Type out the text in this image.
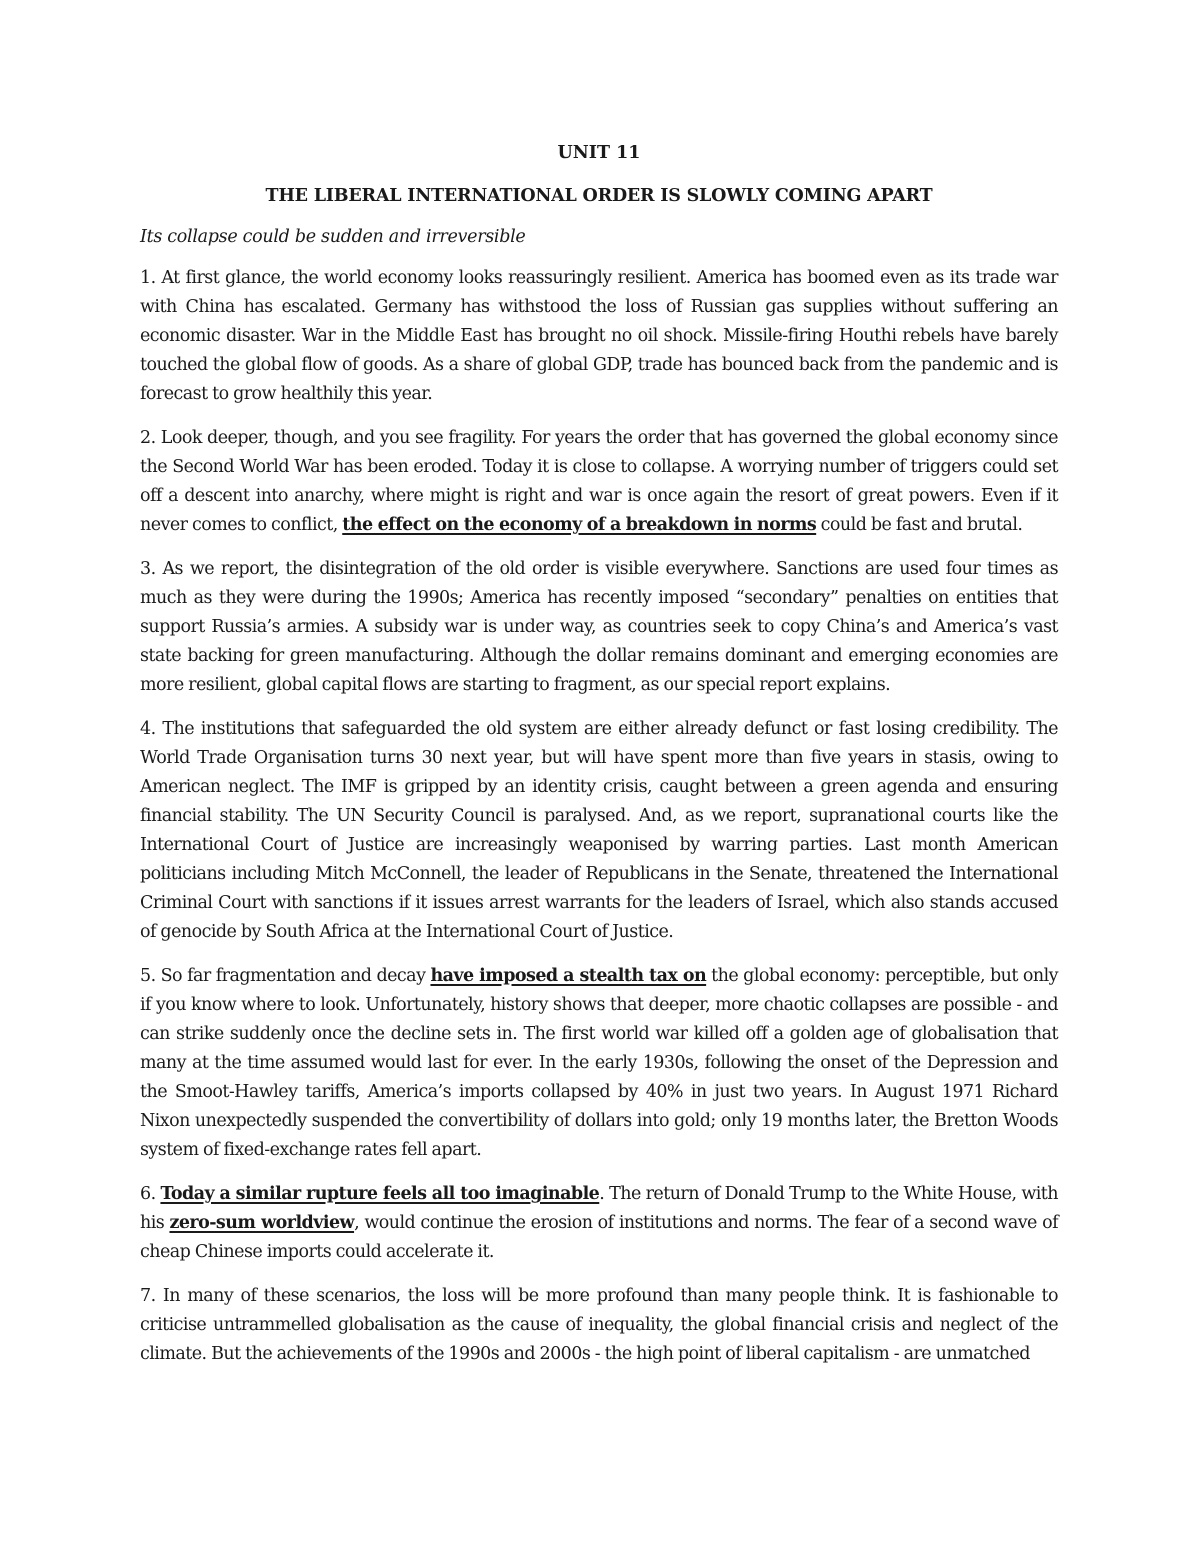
UNIT 11

THE LIBERAL INTERNATIONAL ORDER IS SLOWLY COMING APART

Its collapse could be sudden and irreversible

1. At first glance, the world economy looks reassuringly resilient. America has boomed even as its trade war with China has escalated. Germany has withstood the loss of Russian gas supplies without suffering an economic disaster. War in the Middle East has brought no oil shock. Missile-firing Houthi rebels have barely touched the global flow of goods. As a share of global GDP, trade has bounced back from the pandemic and is forecast to grow healthily this year.

2. Look deeper, though, and you see fragility. For years the order that has governed the global economy since the Second World War has been eroded. Today it is close to collapse. A worrying number of triggers could set off a descent into anarchy, where might is right and war is once again the resort of great powers. Even if it never comes to conflict, the effect on the economy of a breakdown in norms could be fast and brutal.

3. As we report, the disintegration of the old order is visible everywhere. Sanctions are used four times as much as they were during the 1990s; America has recently imposed “secondary” penalties on entities that support Russia’s armies. A subsidy war is under way, as countries seek to copy China’s and America’s vast state backing for green manufacturing. Although the dollar remains dominant and emerging economies are more resilient, global capital flows are starting to fragment, as our special report explains.

4. The institutions that safeguarded the old system are either already defunct or fast losing credibility. The World Trade Organisation turns 30 next year, but will have spent more than five years in stasis, owing to American neglect. The IMF is gripped by an identity crisis, caught between a green agenda and ensuring financial stability. The UN Security Council is paralysed. And, as we report, supranational courts like the International Court of Justice are increasingly weaponised by warring parties. Last month American politicians including Mitch McConnell, the leader of Republicans in the Senate, threatened the International Criminal Court with sanctions if it issues arrest warrants for the leaders of Israel, which also stands accused of genocide by South Africa at the International Court of Justice.

5. So far fragmentation and decay have imposed a stealth tax on the global economy: perceptible, but only if you know where to look. Unfortunately, history shows that deeper, more chaotic collapses are possible - and can strike suddenly once the decline sets in. The first world war killed off a golden age of globalisation that many at the time assumed would last for ever. In the early 1930s, following the onset of the Depression and the Smoot-Hawley tariffs, America’s imports collapsed by 40% in just two years. In August 1971 Richard Nixon unexpectedly suspended the convertibility of dollars into gold; only 19 months later, the Bretton Woods system of fixed-exchange rates fell apart.

6. Today a similar rupture feels all too imaginable. The return of Donald Trump to the White House, with his zero-sum worldview, would continue the erosion of institutions and norms. The fear of a second wave of cheap Chinese imports could accelerate it.

7. In many of these scenarios, the loss will be more profound than many people think. It is fashionable to criticise untrammelled globalisation as the cause of inequality, the global financial crisis and neglect of the climate. But the achievements of the 1990s and 2000s - the high point of liberal capitalism - are unmatched
